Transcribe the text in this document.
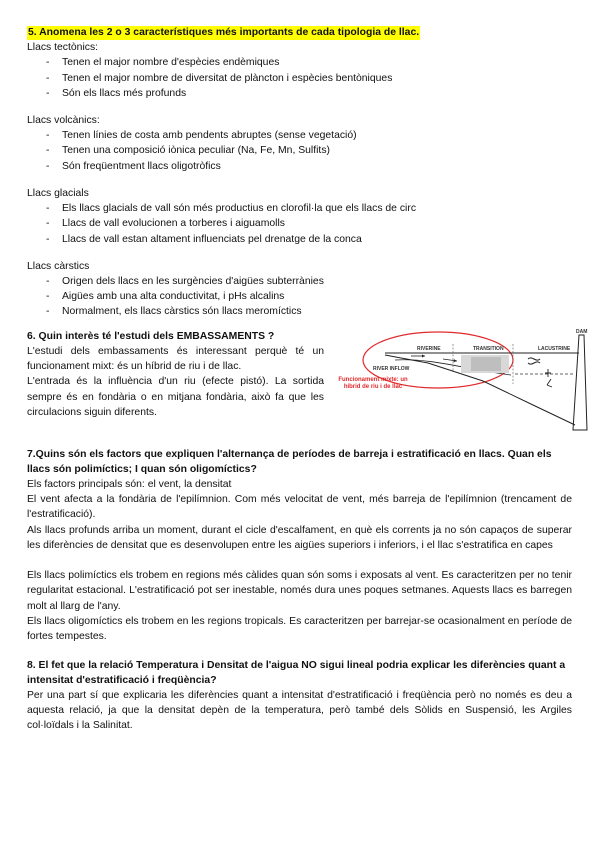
5. Anomena les 2 o 3 característiques més importants de cada tipologia de llac.

Llacs tectònics:

- Tenen el major nombre d'espècies endèmiques
- Tenen el major nombre de diversitat de plàncton i espècies bentòniques
- Són els llacs més profunds

Llacs volcànics:

- Tenen línies de costa amb pendents abruptes (sense vegetació)
- Tenen una composició iònica peculiar (Na, Fe, Mn, Sulfits)
- Són freqüentment llacs oligotròfics

Llacs glacials

- Els llacs glacials de vall són més productius en clorofil·la que els llacs de circ
- Llacs de vall evolucionen a torberes i aiguamolls
- Llacs de vall estan altament influenciats pel drenatge de la conca

Llacs càrstics

- Origen dels llacs en les surgències d'aigües subterrànies
- Aigües amb una alta conductivitat, i pHs alcalins
- Normalment, els llacs càrstics són llacs meromíctics

6. Quin interès té l'estudi dels EMBASSAMENTS ?

L'estudi dels embassaments és interessant perquè té un funcionament mixt: és un híbrid de riu i de llac.

L'entrada és la influència d'un riu (efecte pistó). La sortida sempre és en fondària o en mitjana fondària, això fa que les circulacions siguin diferents.

RIVERINE	TRANSITION	LACUSTRINE
RIVER INFLOW
DAM
Funcionament mixte: un híbrid de riu i de llac

7.Quins són els factors que expliquen l'alternança de períodes de barreja i estratificació en llacs. Quan els llacs són polimíctics; I quan són oligomíctics?

Els factors principals són: el vent, la densitat

El vent afecta a la fondària de l'epilímnion. Com més velocitat de vent, més barreja de l'epilímnion (trencament de l'estratificació).

Als llacs profunds arriba un moment, durant el cicle d'escalfament, en què els corrents ja no són capaços de superar les diferències de densitat que es desenvolupen entre les aigües superiors i inferiors, i el llac s'estratifica en capes

Els llacs polimíctics els trobem en regions més càlides quan són soms i exposats al vent. Es caracteritzen per no tenir regularitat estacional. L'estratificació pot ser inestable, només dura unes poques setmanes. Aquests llacs es barregen molt al llarg de l'any.

Els llacs oligomíctics els trobem en les regions tropicals. Es caracteritzen per barrejar-se ocasionalment en període de fortes tempestes.

8. El fet que la relació Temperatura i Densitat de l'aigua NO sigui lineal podria explicar les diferències quant a intensitat d'estratificació i freqüència?

Per una part sí que explicaria les diferències quant a intensitat d'estratificació i freqüència però no només es deu a aquesta relació, ja que la densitat depèn de la temperatura, però també dels Sòlids en Suspensió, les Argiles col·loïdals i la Salinitat.
